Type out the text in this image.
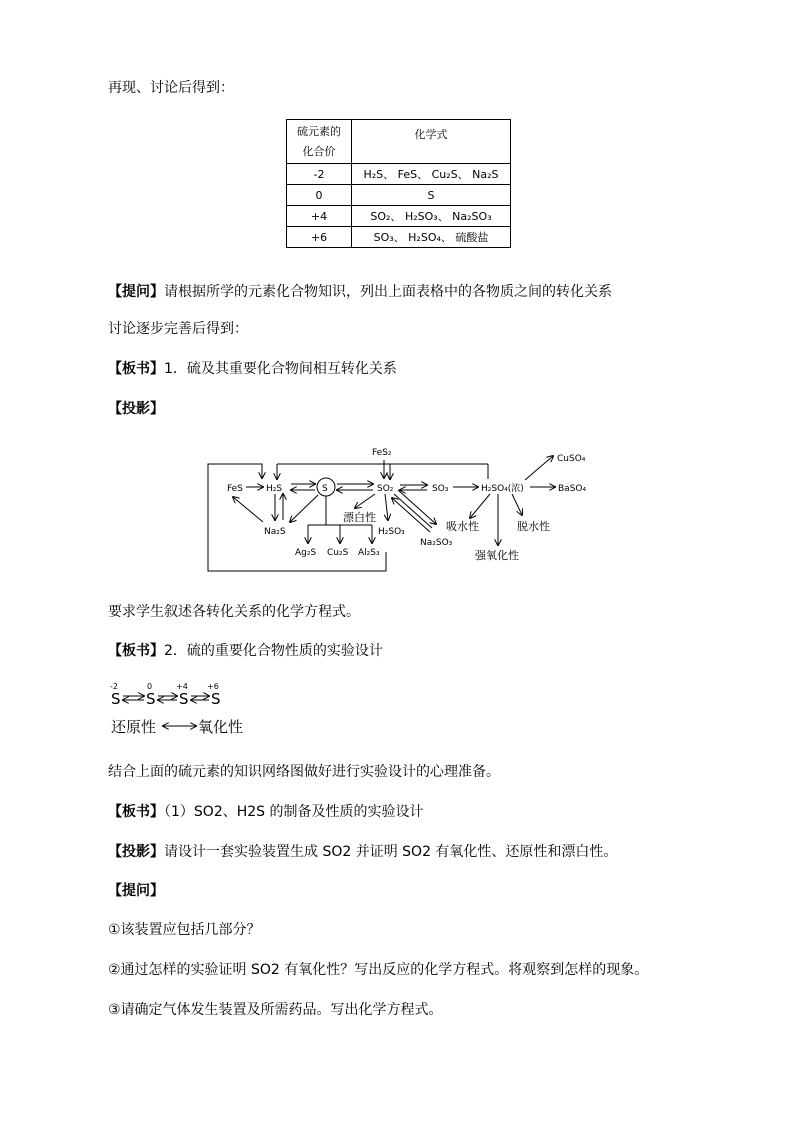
再现、讨论后得到：
硫元素的
化合价	化学式
-2	H₂S、 FeS、 Cu₂S、 Na₂S
0	S
+4	SO₂、 H₂SO₃、 Na₂SO₃
+6	SO₃、 H₂SO₄、 硫酸盐
【提问】请根据所学的元素化合物知识，列出上面表格中的各物质之间的转化关系
讨论逐步完善后得到：
【板书】1．硫及其重要化合物间相互转化关系
【投影】
FeS₂
FeS	H₂S	S	SO₂	SO₃	H₂SO₄(浓)
CuSO₄
BaSO₄
Na₂S
Ag₂S Cu₂S Al₂S₃
H₂SO₃
Na₂SO₃
漂白性
吸水性	脱水性
强氧化性
要求学生叙述各转化关系的化学方程式。
【板书】2．硫的重要化合物性质的实验设计
-2	0	+4 +6
S S S S
还原性	氧化性
结合上面的硫元素的知识网络图做好进行实验设计的心理准备。
【板书】（1）SO2、H2S 的制备及性质的实验设计
【投影】请设计一套实验装置生成 SO2 并证明 SO2 有氧化性、还原性和漂白性。
【提问】
①该装置应包括几部分？
②通过怎样的实验证明 SO2 有氧化性？写出反应的化学方程式。将观察到怎样的现象。
③请确定气体发生装置及所需药品。写出化学方程式。
